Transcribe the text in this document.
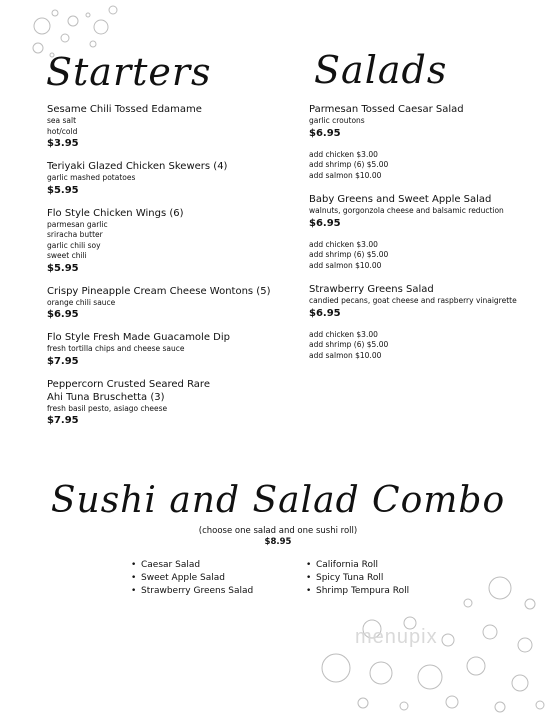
Starters	Salads
Sesame Chili Tossed Edamame
sea salt
hot/cold
$3.95
Teriyaki Glazed Chicken Skewers (4)
garlic mashed potatoes
$5.95
Flo Style Chicken Wings (6)
parmesan garlic
sriracha butter
garlic chili soy
sweet chili
$5.95
Crispy Pineapple Cream Cheese Wontons (5)
orange chili sauce
$6.95
Flo Style Fresh Made Guacamole Dip
fresh tortilla chips and cheese sauce
$7.95
Peppercorn Crusted Seared Rare
Ahi Tuna Bruschetta (3)
fresh basil pesto, asiago cheese
$7.95
Parmesan Tossed Caesar Salad
garlic croutons
$6.95
add chicken $3.00
add shrimp (6) $5.00
add salmon $10.00
Baby Greens and Sweet Apple Salad
walnuts, gorgonzola cheese and balsamic reduction
$6.95
add chicken $3.00
add shrimp (6) $5.00
add salmon $10.00
Strawberry Greens Salad
candied pecans, goat cheese and raspberry vinaigrette
$6.95
add chicken $3.00
add shrimp (6) $5.00
add salmon $10.00
Sushi and Salad Combo
(choose one salad and one sushi roll)
$8.95
• Caesar Salad
• Sweet Apple Salad
• Strawberry Greens Salad
• California Roll
• Spicy Tuna Roll
• Shrimp Tempura Roll
menupix
